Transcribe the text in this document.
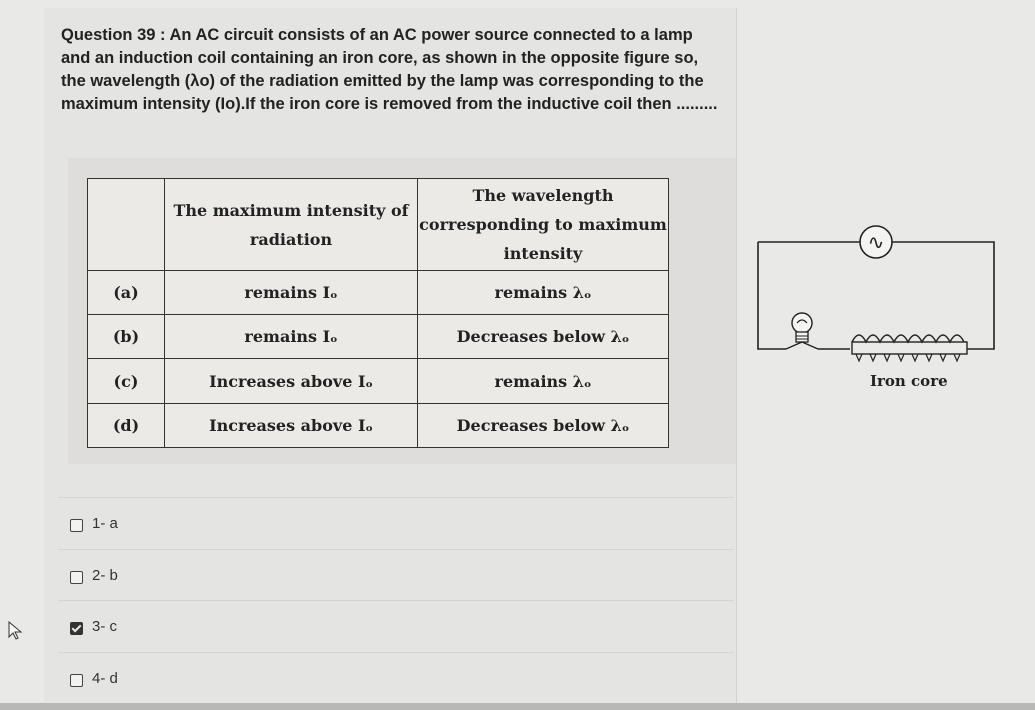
Question 39 : An AC circuit consists of an AC power source connected to a lamp and an induction coil containing an iron core, as shown in the opposite figure so, the wavelength (λo) of the radiation emitted by the lamp was corresponding to the maximum intensity (Io).If the iron core is removed from the inductive coil then .........
	The maximum intensity of radiation	The wavelength corresponding to maximum intensity
(a)	remains Iₒ	remains λₒ
(b)	remains Iₒ	Decreases below λₒ
(c)	Increases above Iₒ	remains λₒ
(d)	Increases above Iₒ	Decreases below λₒ
∿
Iron core
1- a
2- b
3- c
4- d
